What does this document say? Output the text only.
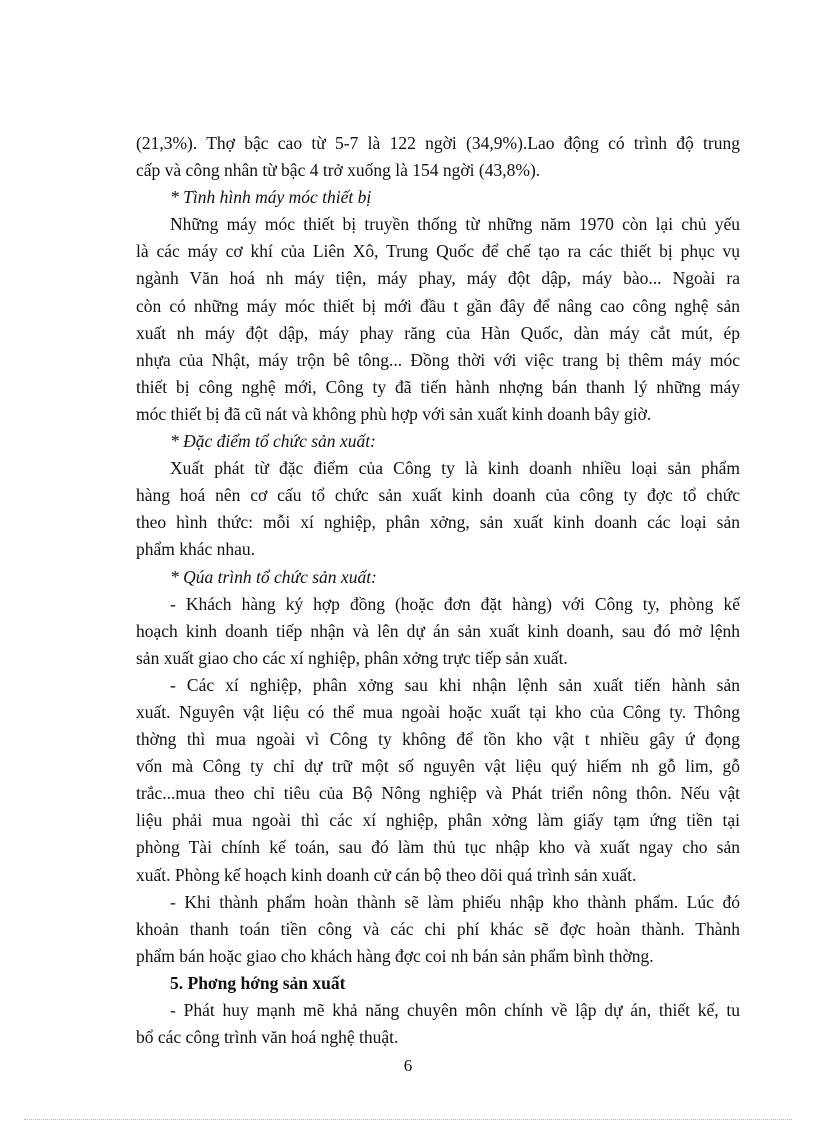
(21,3%). Thợ bậc cao từ 5-7 là 122 ngời (34,9%).Lao động có trình độ trung
cấp và công nhân từ bậc 4 trở xuống là 154 ngời (43,8%).
* Tình hình máy móc thiết bị
Những máy móc thiết bị truyền thống từ những năm 1970 còn lại chủ yếu
là các máy cơ khí của Liên Xô, Trung Quốc để chế tạo ra các thiết bị phục vụ
ngành Văn hoá nh máy tiện, máy phay, máy đột dập, máy bào... Ngoài ra
còn có những máy móc thiết bị mới đầu t gần đây để nâng cao công nghệ sản
xuất nh máy đột dập, máy phay răng của Hàn Quốc, dàn máy cắt mút, ép
nhựa của Nhật, máy trộn bê tông... Đồng thời với việc trang bị thêm máy móc
thiết bị công nghệ mới, Công ty đã tiến hành nhợng bán thanh lý những máy
móc thiết bị đã cũ nát và không phù hợp với sản xuất kinh doanh bây giờ.
* Đặc điểm tổ chức sản xuất:
Xuất phát từ đặc điểm của Công ty là kinh doanh nhiều loại sản phẩm
hàng hoá nên cơ cấu tổ chức sản xuất kinh doanh của công ty đợc tổ chức
theo hình thức: mỗi xí nghiệp, phân xởng, sản xuất kinh doanh các loại sản
phẩm khác nhau.
* Qúa trình tổ chức sản xuất:
- Khách hàng ký hợp đồng (hoặc đơn đặt hàng) với Công ty, phòng kế
hoạch kinh doanh tiếp nhận và lên dự án sản xuất kinh doanh, sau đó mở lệnh
sản xuất giao cho các xí nghiệp, phân xởng trực tiếp sản xuất.
- Các xí nghiệp, phân xởng sau khi nhận lệnh sản xuất tiến hành sản
xuất. Nguyên vật liệu có thể mua ngoài hoặc xuất tại kho của Công ty. Thông
thờng thì mua ngoài vì Công ty không để tồn kho vật t nhiều gây ứ đọng
vốn mà Công ty chỉ dự trữ một số nguyên vật liệu quý hiếm nh gỗ lim, gỗ
trắc...mua theo chỉ tiêu của Bộ Nông nghiệp và Phát triển nông thôn. Nếu vật
liệu phải mua ngoài thì các xí nghiệp, phân xởng làm giấy tạm ứng tiền tại
phòng Tài chính kế toán, sau đó làm thủ tục nhập kho và xuất ngay cho sản
xuất. Phòng kế hoạch kinh doanh cử cán bộ theo dõi quá trình sản xuất.
- Khi thành phẩm hoàn thành sẽ làm phiếu nhập kho thành phẩm. Lúc đó
khoản thanh toán tiền công và các chi phí khác sẽ đợc hoàn thành. Thành
phẩm bán hoặc giao cho khách hàng đợc coi nh bán sản phẩm bình thờng.
5. Phơng hớng sản xuất
- Phát huy mạnh mẽ khả năng chuyên môn chính về lập dự án, thiết kế, tu
bổ các công trình văn hoá nghệ thuật.
6
